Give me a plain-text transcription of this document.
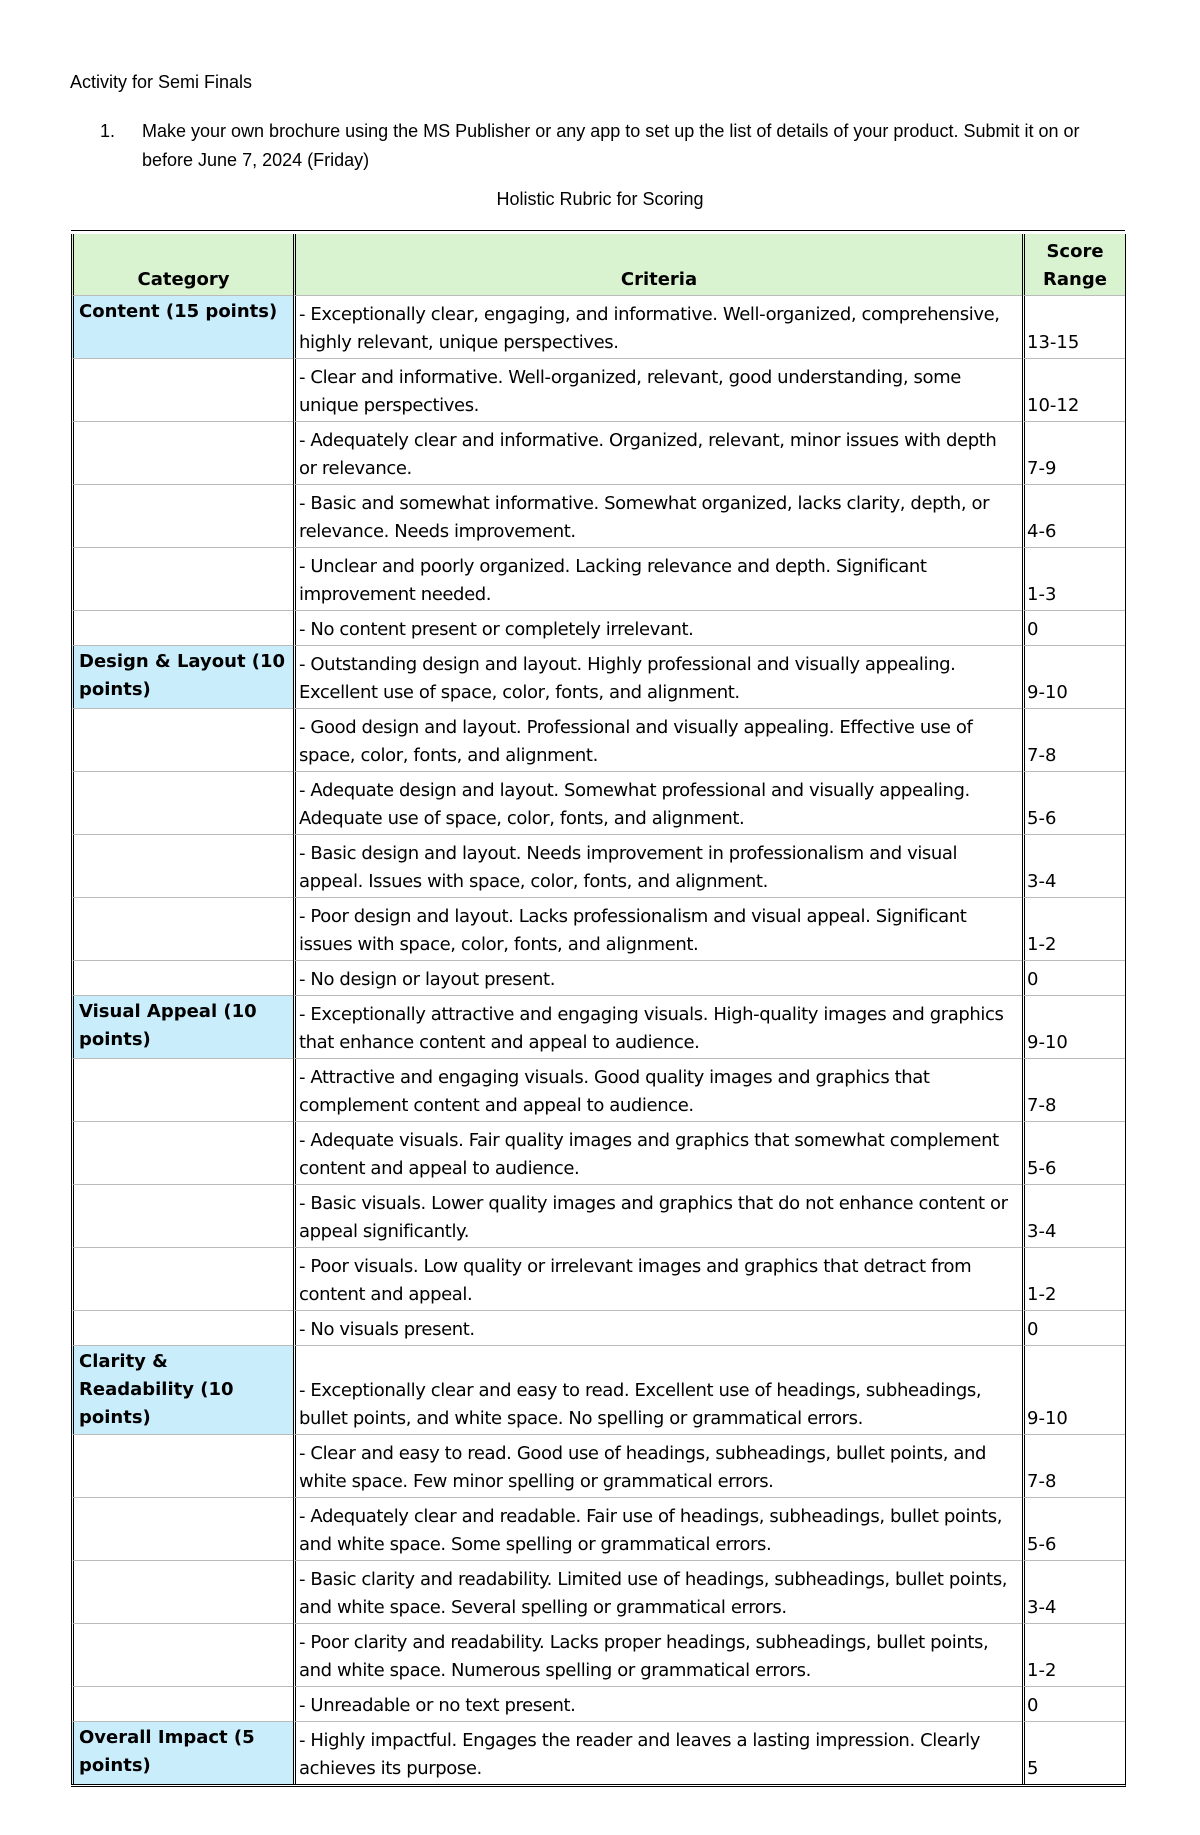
Activity for Semi Finals
1. Make your own brochure using the MS Publisher or any app to set up the list of details of your product. Submit it on or before June 7, 2024 (Friday)
Holistic Rubric for Scoring
Category	Criteria	Score Range
Content (15 points)	- Exceptionally clear, engaging, and informative. Well-organized, comprehensive, highly relevant, unique perspectives.	13-15
	- Clear and informative. Well-organized, relevant, good understanding, some unique perspectives.	10-12
	- Adequately clear and informative. Organized, relevant, minor issues with depth or relevance.	7-9
	- Basic and somewhat informative. Somewhat organized, lacks clarity, depth, or relevance. Needs improvement.	4-6
	- Unclear and poorly organized. Lacking relevance and depth. Significant improvement needed.	1-3
	- No content present or completely irrelevant.	0
Design & Layout (10 points)	- Outstanding design and layout. Highly professional and visually appealing. Excellent use of space, color, fonts, and alignment.	9-10
	- Good design and layout. Professional and visually appealing. Effective use of space, color, fonts, and alignment.	7-8
	- Adequate design and layout. Somewhat professional and visually appealing. Adequate use of space, color, fonts, and alignment.	5-6
	- Basic design and layout. Needs improvement in professionalism and visual appeal. Issues with space, color, fonts, and alignment.	3-4
	- Poor design and layout. Lacks professionalism and visual appeal. Significant issues with space, color, fonts, and alignment.	1-2
	- No design or layout present.	0
Visual Appeal (10 points)	- Exceptionally attractive and engaging visuals. High-quality images and graphics that enhance content and appeal to audience.	9-10
	- Attractive and engaging visuals. Good quality images and graphics that complement content and appeal to audience.	7-8
	- Adequate visuals. Fair quality images and graphics that somewhat complement content and appeal to audience.	5-6
	- Basic visuals. Lower quality images and graphics that do not enhance content or appeal significantly.	3-4
	- Poor visuals. Low quality or irrelevant images and graphics that detract from content and appeal.	1-2
	- No visuals present.	0
Clarity & Readability (10 points)	- Exceptionally clear and easy to read. Excellent use of headings, subheadings, bullet points, and white space. No spelling or grammatical errors.	9-10
	- Clear and easy to read. Good use of headings, subheadings, bullet points, and white space. Few minor spelling or grammatical errors.	7-8
	- Adequately clear and readable. Fair use of headings, subheadings, bullet points, and white space. Some spelling or grammatical errors.	5-6
	- Basic clarity and readability. Limited use of headings, subheadings, bullet points, and white space. Several spelling or grammatical errors.	3-4
	- Poor clarity and readability. Lacks proper headings, subheadings, bullet points, and white space. Numerous spelling or grammatical errors.	1-2
	- Unreadable or no text present.	0
Overall Impact (5 points)	- Highly impactful. Engages the reader and leaves a lasting impression. Clearly achieves its purpose.	5
